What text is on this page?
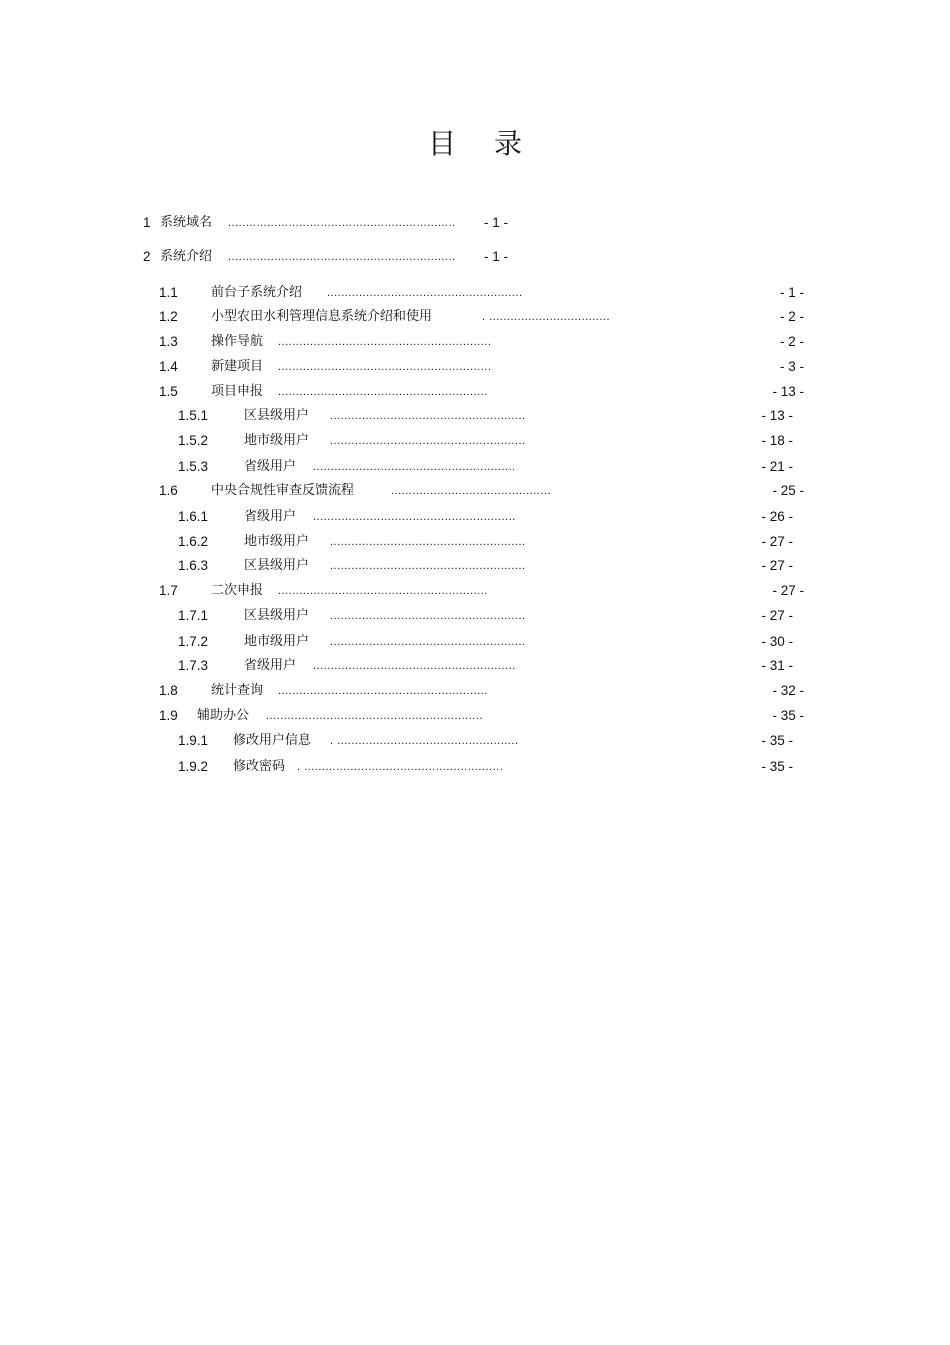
目 录
1 系统域名 ................................................................	- 1 -
2 系统介绍 ................................................................	- 1 -
1.1	前台子系统介绍 .......................................................	- 1 -
1.2	小型农田水利管理信息系统介绍和使用	. ..................................	- 2 -
1.3	操作导航 ............................................................	- 2 -
1.4	新建项目 ............................................................	- 3 -
1.5	项目申报 ...........................................................	- 13 -
1.5.1	区县级用户 .......................................................	- 13 -
1.5.2	地市级用户 .......................................................	- 18 -
1.5.3	省级用户 .........................................................	- 21 -
1.6	中央合规性审查反馈流程	.............................................	- 25 -
1.6.1	省级用户 .........................................................	- 26 -
1.6.2	地市级用户 .......................................................	- 27 -
1.6.3	区县级用户 .......................................................	- 27 -
1.7	二次申报 ...........................................................	- 27 -
1.7.1	区县级用户 .......................................................	- 27 -
1.7.2	地市级用户 .......................................................	- 30 -
1.7.3	省级用户 .........................................................	- 31 -
1.8	统计查询 ...........................................................	- 32 -
1.9 辅助办公 .............................................................	- 35 -
1.9.1 修改用户信息 . ...................................................	- 35 -
1.9.2 修改密码 . ........................................................	- 35 -
